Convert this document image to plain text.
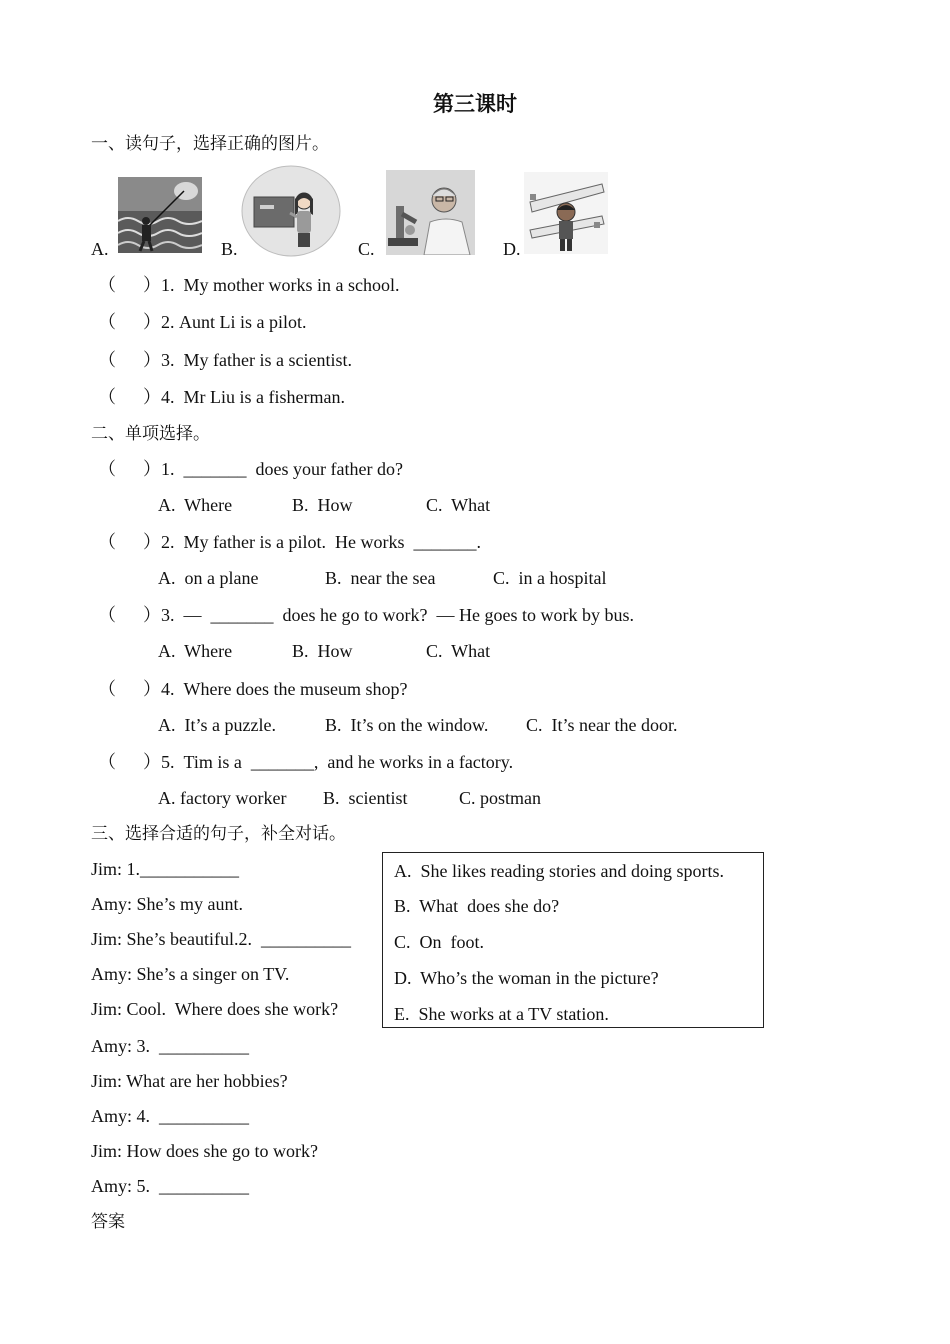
第三课时
一、读句子，选择正确的图片。
A.	B.	C.	D.
（      ）1.  My mother works in a school.
（      ）2. Aunt Li is a pilot.
（      ）3.  My father is a scientist.
（      ）4.  Mr Liu is a fisherman.
二、单项选择。
（      ）1.  _______  does your father do?
A.  Where	B.  How	C.  What
（      ）2.  My father is a pilot.  He works  _______.
A.  on a plane	B.  near the sea	C.  in a hospital
（      ）3.  —  _______  does he go to work?  — He goes to work by bus.
A.  Where	B.  How	C.  What
（      ）4.  Where does the museum shop?
A.  It’s a puzzle.	B.  It’s on the window. C.  It’s near the door.
（      ）5.  Tim is a  _______,  and he works in a factory.
A. factory worker B.  scientist	C. postman
三、选择合适的句子，补全对话。
Jim: 1.___________
Amy: She’s my aunt.
Jim: She’s beautiful.2.  __________
Amy: She’s a singer on TV.
Jim: Cool.  Where does she work?
Amy: 3.  __________
Jim: What are her hobbies?
Amy: 4.  __________
Jim: How does she go to work?
Amy: 5.  __________
A.  She likes reading stories and doing sports.
B.  What  does she do?
C.  On  foot.
D.  Who’s the woman in the picture?
E.  She works at a TV station.
答案
